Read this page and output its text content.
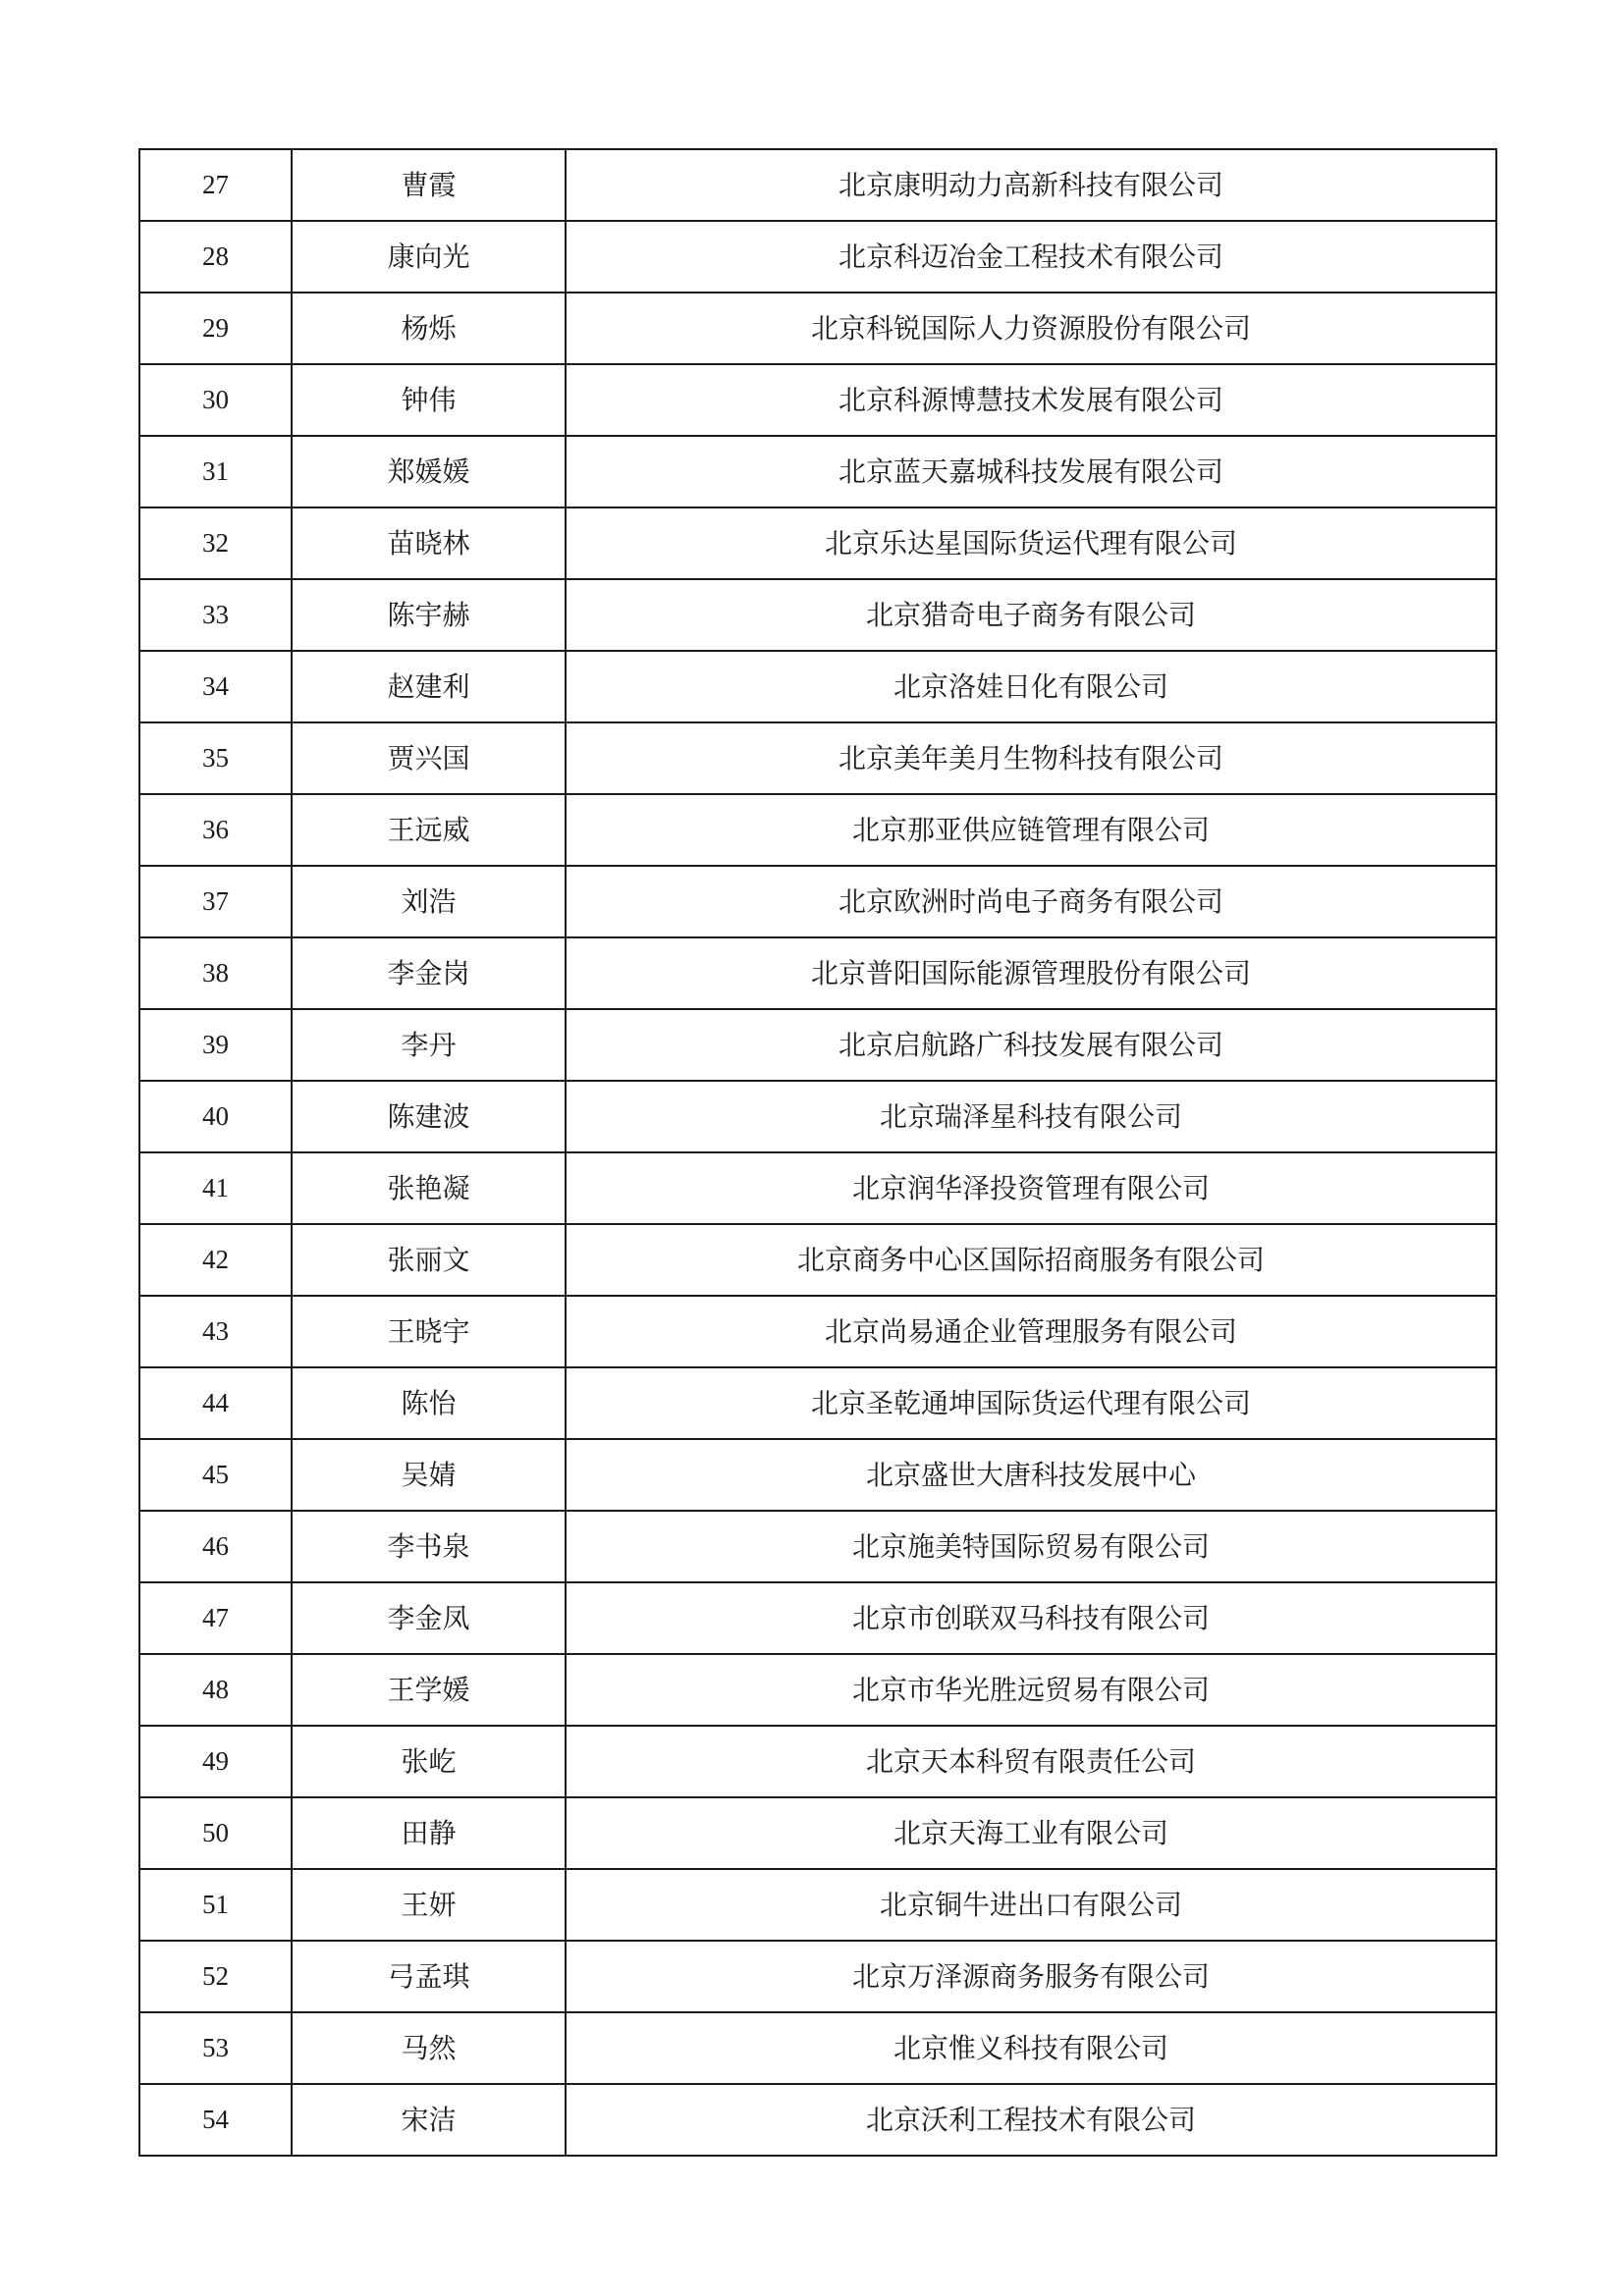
27	曹霞	北京康明动力高新科技有限公司
28	康向光	北京科迈冶金工程技术有限公司
29	杨烁	北京科锐国际人力资源股份有限公司
30	钟伟	北京科源博慧技术发展有限公司
31	郑媛媛	北京蓝天嘉城科技发展有限公司
32	苗晓林	北京乐达星国际货运代理有限公司
33	陈宇赫	北京猎奇电子商务有限公司
34	赵建利	北京洛娃日化有限公司
35	贾兴国	北京美年美月生物科技有限公司
36	王远威	北京那亚供应链管理有限公司
37	刘浩	北京欧洲时尚电子商务有限公司
38	李金岗	北京普阳国际能源管理股份有限公司
39	李丹	北京启航路广科技发展有限公司
40	陈建波	北京瑞泽星科技有限公司
41	张艳凝	北京润华泽投资管理有限公司
42	张丽文	北京商务中心区国际招商服务有限公司
43	王晓宇	北京尚易通企业管理服务有限公司
44	陈怡	北京圣乾通坤国际货运代理有限公司
45	吴婧	北京盛世大唐科技发展中心
46	李书泉	北京施美特国际贸易有限公司
47	李金凤	北京市创联双马科技有限公司
48	王学媛	北京市华光胜远贸易有限公司
49	张屹	北京天本科贸有限责任公司
50	田静	北京天海工业有限公司
51	王妍	北京铜牛进出口有限公司
52	弓孟琪	北京万泽源商务服务有限公司
53	马然	北京惟义科技有限公司
54	宋洁	北京沃利工程技术有限公司
